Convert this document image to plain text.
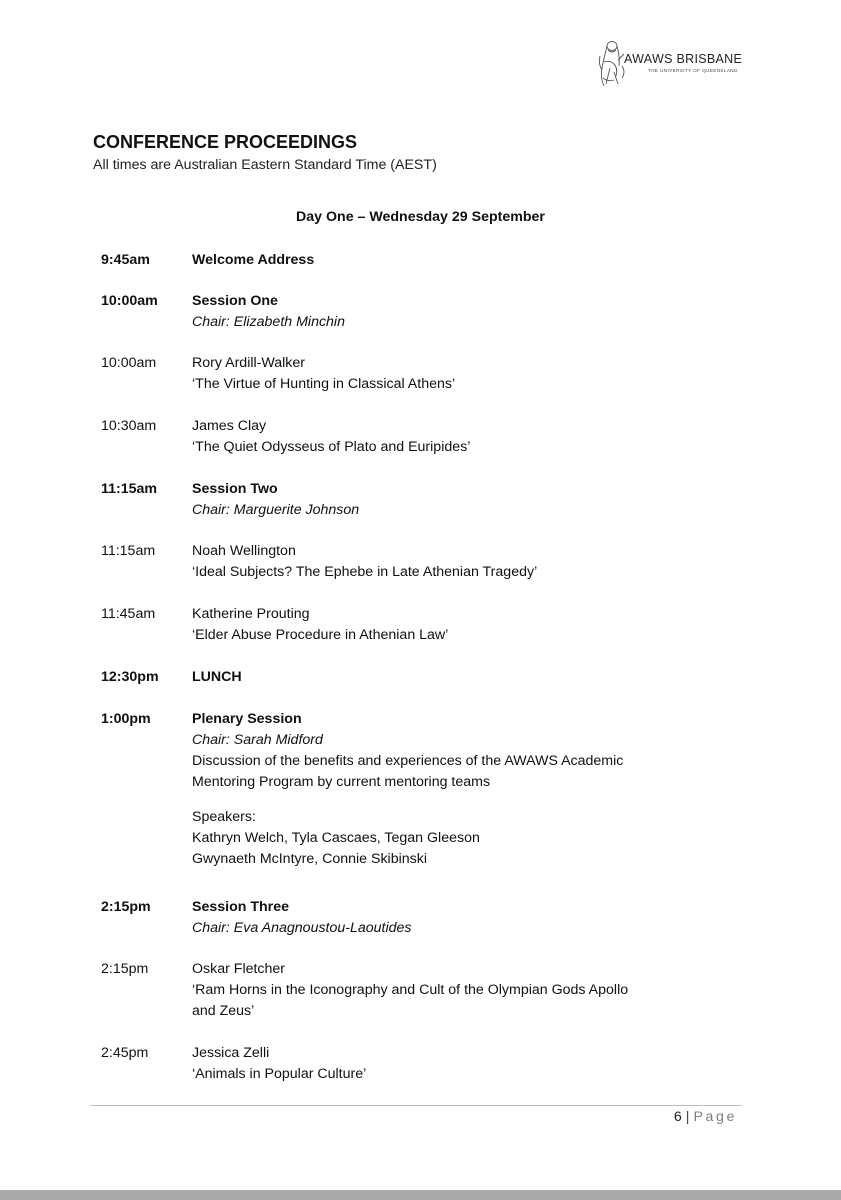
AWAWS BRISBANE
THE UNIVERSITY OF QUEENSLAND
CONFERENCE PROCEEDINGS
All times are Australian Eastern Standard Time (AEST)
Day One – Wednesday 29 September
9:45am	Welcome Address
10:00am Session One
Chair: Elizabeth Minchin
10:00am	Rory Ardill-Walker
‘The Virtue of Hunting in Classical Athens’
10:30am	James Clay
‘The Quiet Odysseus of Plato and Euripides’
11:15am Session Two
Chair: Marguerite Johnson
11:15am	Noah Wellington
‘Ideal Subjects? The Ephebe in Late Athenian Tragedy’
11:45am	Katherine Prouting
‘Elder Abuse Procedure in Athenian Law’
12:30pm LUNCH
1:00pm	Plenary Session
Chair: Sarah Midford
Discussion of the benefits and experiences of the AWAWS Academic
Mentoring Program by current mentoring teams
Speakers:
Kathryn Welch, Tyla Cascaes, Tegan Gleeson
Gwynaeth McIntyre, Connie Skibinski
2:15pm	Session Three
Chair: Eva Anagnoustou-Laoutides
2:15pm	Oskar Fletcher
‘Ram Horns in the Iconography and Cult of the Olympian Gods Apollo
and Zeus’
2:45pm	Jessica Zelli
‘Animals in Popular Culture’
6 | Page
